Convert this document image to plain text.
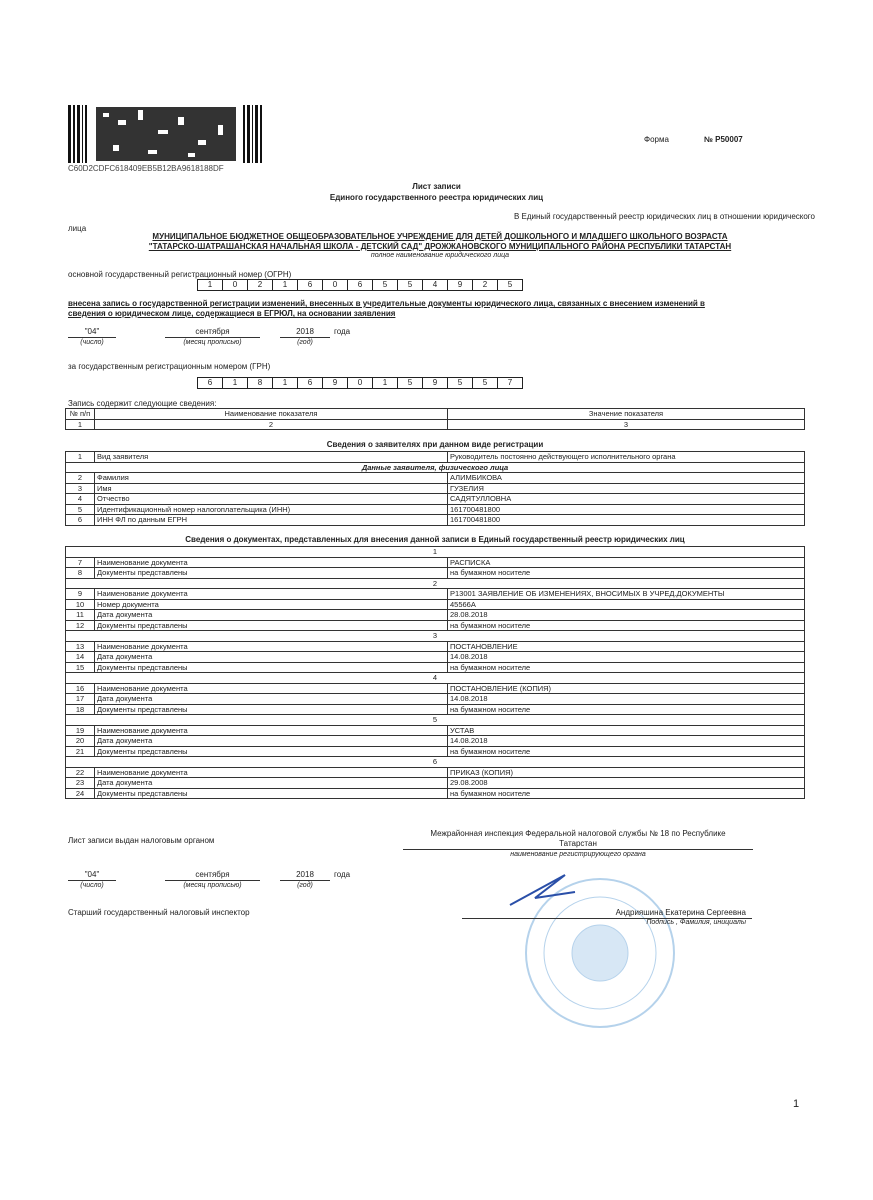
C60D2CDFC618409EB5B12BA9618188DF
Форма	№ Р50007
Лист записи
Единого государственного реестра юридических лиц
В Единый государственный реестр юридических лиц в отношении юридического
лица
МУНИЦИПАЛЬНОЕ БЮДЖЕТНОЕ ОБЩЕОБРАЗОВАТЕЛЬНОЕ УЧРЕЖДЕНИЕ ДЛЯ ДЕТЕЙ ДОШКОЛЬНОГО И МЛАДШЕГО ШКОЛЬНОГО ВОЗРАСТА
"ТАТАРСКО-ШАТРАШАНСКАЯ НАЧАЛЬНАЯ ШКОЛА - ДЕТСКИЙ САД" ДРОЖЖАНОВСКОГО МУНИЦИПАЛЬНОГО РАЙОНА РЕСПУБЛИКИ ТАТАРСТАН
полное наименование юридического лица
основной государственный регистрационный номер (ОГРН)
1	0	2	1	6	0	6	5	5	4	9	2	5
внесена запись о государственной регистрации изменений, внесенных в учредительные документы юридического лица, связанных с внесением изменений в
сведения о юридическом лице, содержащиеся в ЕГРЮЛ, на основании заявления
"04"
(число)
сентября
(месяц прописью)
2018
(год)
года
за государственным регистрационным номером (ГРН)
6	1	8	1	6	9	0	1	5	9	5	5	7
Запись содержит следующие сведения:
№ п/п	Наименование показателя	Значение показателя
1	2	3
Сведения о заявителях при данном виде регистрации
1	Вид заявителя	Руководитель постоянно действующего исполнительного органа
Данные заявителя, физического лица		
2	Фамилия	АЛИМБИКОВА
3	Имя	ГУЗЕЛИЯ
4	Отчество	САДЯТУЛЛОВНА
5	Идентификационный номер налогоплательщика (ИНН)	161700481800
6	ИНН ФЛ по данным ЕГРН	161700481800
Сведения о документах, представленных для внесения данной записи в Единый государственный реестр юридических лиц
1		
7	Наименование документа	РАСПИСКА
8	Документы представлены	на бумажном носителе
2		
9	Наименование документа	Р13001 ЗАЯВЛЕНИЕ ОБ ИЗМЕНЕНИЯХ, ВНОСИМЫХ В УЧРЕД.ДОКУМЕНТЫ
10	Номер документа	45566А
11	Дата документа	28.08.2018
12	Документы представлены	на бумажном носителе
3		
13	Наименование документа	ПОСТАНОВЛЕНИЕ
14	Дата документа	14.08.2018
15	Документы представлены	на бумажном носителе
4		
16	Наименование документа	ПОСТАНОВЛЕНИЕ (КОПИЯ)
17	Дата документа	14.08.2018
18	Документы представлены	на бумажном носителе
5		
19	Наименование документа	УСТАВ
20	Дата документа	14.08.2018
21	Документы представлены	на бумажном носителе
6		
22	Наименование документа	ПРИКАЗ (КОПИЯ)
23	Дата документа	29.08.2008
24	Документы представлены	на бумажном носителе
Лист записи выдан налоговым органом
Межрайонная инспекция Федеральной налоговой службы № 18 по Республике
Татарстан
наименование регистрирующего органа
"04"
(число)
сентября
(месяц прописью)
2018
(год)
года
Старший государственный налоговый инспектор	Андрияшина Екатерина Сергеевна
Подпись , Фамилия, инициалы
1
